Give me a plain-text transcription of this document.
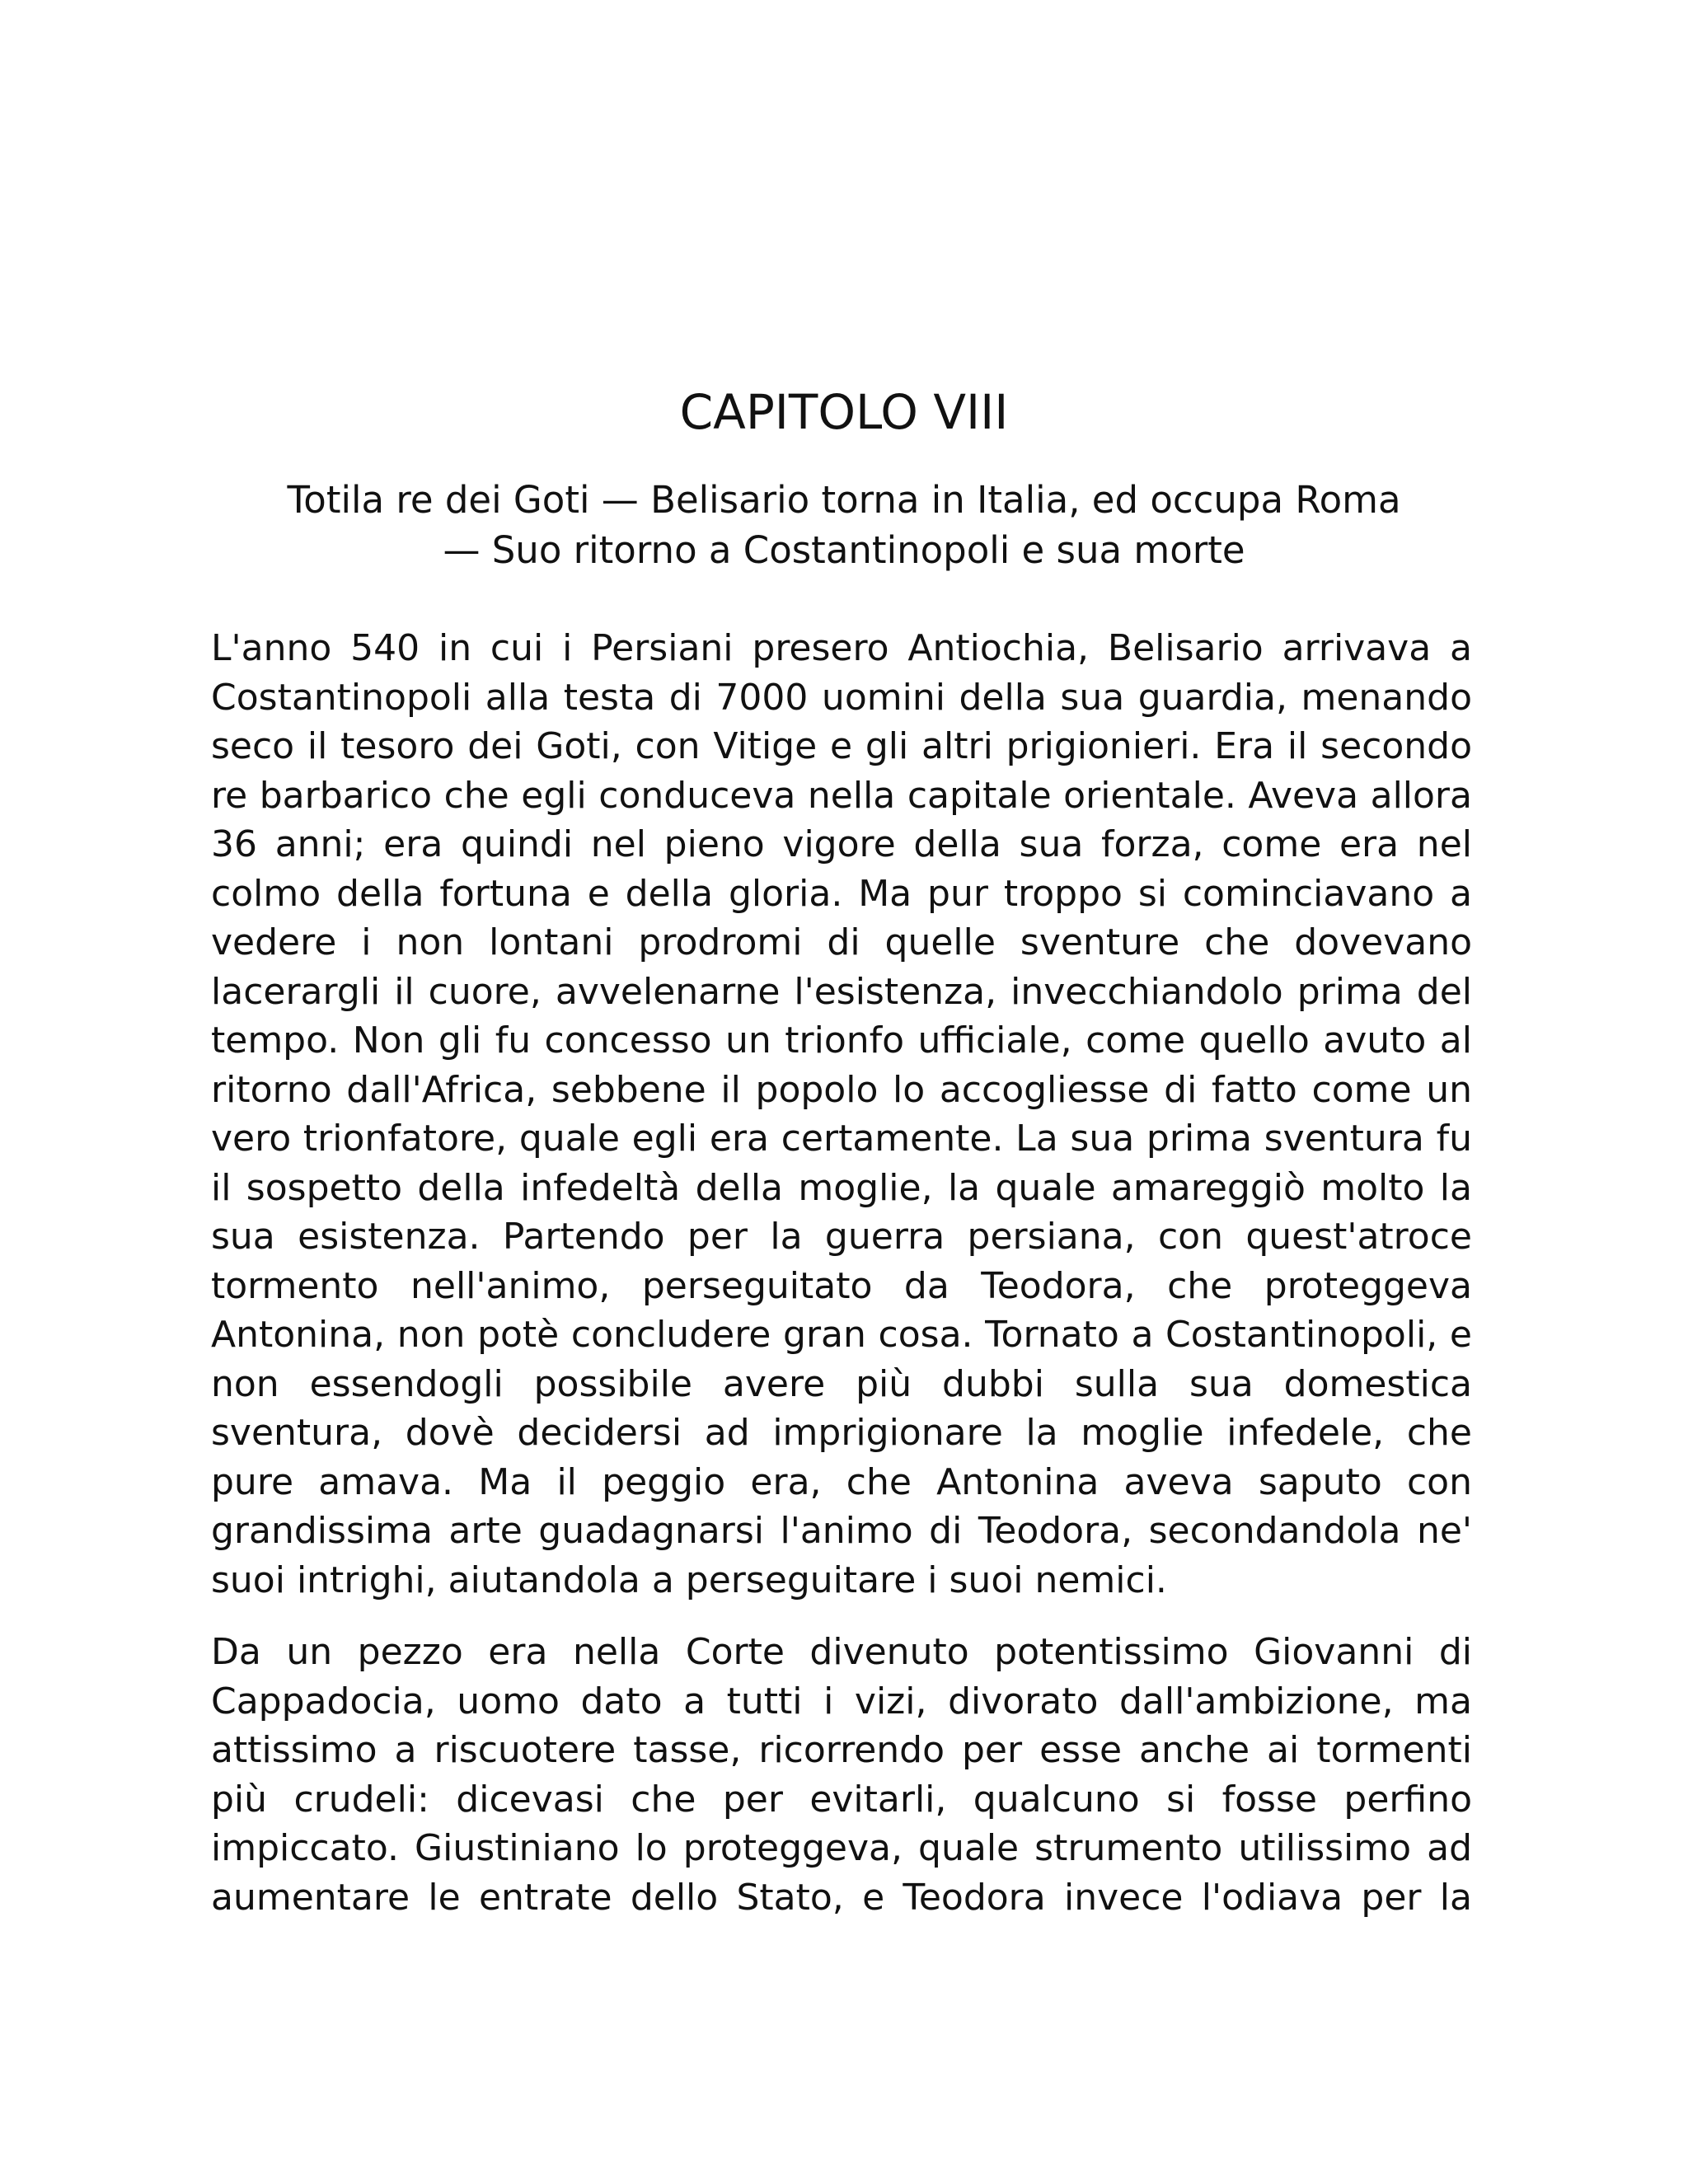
CAPITOLO VIII
Totila re dei Goti — Belisario torna in Italia, ed occupa Roma
— Suo ritorno a Costantinopoli e sua morte

L'anno 540 in cui i Persiani presero Antiochia, Belisario arrivava a Costantinopoli alla testa di 7000 uomini della sua guardia, menando seco il tesoro dei Goti, con Vitige e gli altri prigionieri. Era il secondo re barbarico che egli conduceva nella capitale orientale. Aveva allora 36 anni; era quindi nel pieno vigore della sua forza, come era nel colmo della fortuna e della gloria. Ma pur troppo si cominciavano a vedere i non lontani prodromi di quelle sventure che dovevano lacerargli il cuore, avvelenarne l'esistenza, invecchiandolo prima del tempo. Non gli fu concesso un trionfo ufficiale, come quello avuto al ritorno dall'Africa, sebbene il popolo lo accogliesse di fatto come un vero trionfatore, quale egli era certamente. La sua prima sventura fu il sospetto della infedeltà della moglie, la quale amareggiò molto la sua esistenza. Partendo per la guerra persiana, con quest'atroce tormento nell'animo, perseguitato da Teodora, che proteggeva Antonina, non potè concludere gran cosa. Tornato a Costantinopoli, e non essendogli possibile avere più dubbi sulla sua domestica sventura, dovè decidersi ad imprigionare la moglie infedele, che pure amava. Ma il peggio era, che Antonina aveva saputo con grandissima arte guadagnarsi l'animo di Teodora, secondandola ne' suoi intrighi, aiutandola a perseguitare i suoi nemici.

Da un pezzo era nella Corte divenuto potentissimo Giovanni di Cappadocia, uomo dato a tutti i vizi, divorato dall'ambizione, ma attissimo a riscuotere tasse, ricorrendo per esse anche ai tormenti più crudeli: dicevasi che per evitarli, qualcuno si fosse perfino impiccato. Giustiniano lo proteggeva, quale strumento utilissimo ad aumentare le entrate dello Stato, e Teodora invece l'odiava per la
